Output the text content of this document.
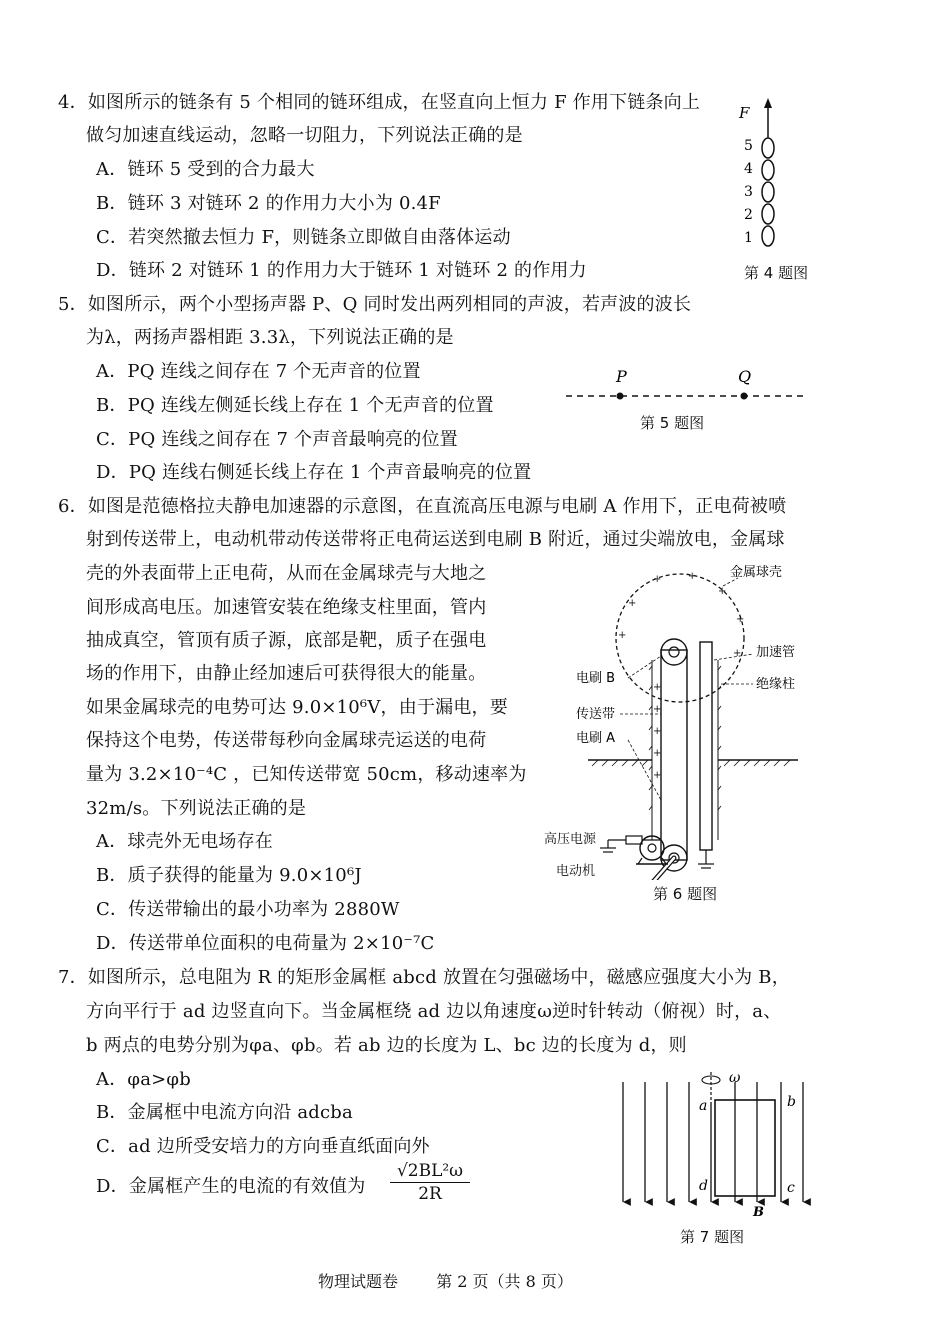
4．如图所示的链条有 5 个相同的链环组成，在竖直向上恒力 F 作用下链条向上
做匀加速直线运动，忽略一切阻力，下列说法正确的是
A．链环 5 受到的合力最大
B．链环 3 对链环 2 的作用力大小为 0.4F
C．若突然撤去恒力 F，则链条立即做自由落体运动
D．链环 2 对链环 1 的作用力大于链环 1 对链环 2 的作用力
F
5
4
3
2
1
第 4 题图
5．如图所示，两个小型扬声器 P、Q 同时发出两列相同的声波，若声波的波长
为λ，两扬声器相距 3.3λ，下列说法正确的是
A．PQ 连线之间存在 7 个无声音的位置
B．PQ 连线左侧延长线上存在 1 个无声音的位置
C．PQ 连线之间存在 7 个声音最响亮的位置
D．PQ 连线右侧延长线上存在 1 个声音最响亮的位置
P	Q
第 5 题图
6．如图是范德格拉夫静电加速器的示意图，在直流高压电源与电刷 A 作用下，正电荷被喷
射到传送带上，电动机带动传送带将正电荷运送到电刷 B 附近，通过尖端放电，金属球
壳的外表面带上正电荷，从而在金属球壳与大地之
间形成高电压。加速管安装在绝缘支柱里面，管内
抽成真空，管顶有质子源，底部是靶，质子在强电
场的作用下，由静止经加速后可获得很大的能量。
如果金属球壳的电势可达 9.0×10⁶V，由于漏电，要
保持这个电势，传送带每秒向金属球壳运送的电荷
量为 3.2×10⁻⁴C ，已知传送带宽 50cm，移动速率为
32m/s。下列说法正确的是
A．球壳外无电场存在
B．质子获得的能量为 9.0×10⁶J
C．传送带输出的最小功率为 2880W
D．传送带单位面积的电荷量为 2×10⁻⁷C
+
+	+
+
+
+
+
金属球壳
+
+
+
+
+
加速管
电刷 B	绝缘柱
传送带
电刷 A
高压电源
电动机
第 6 题图
7．如图所示，总电阻为 R 的矩形金属框 abcd 放置在匀强磁场中，磁感应强度大小为 B，
方向平行于 ad 边竖直向下。当金属框绕 ad 边以角速度ω逆时针转动（俯视）时，a、
b 两点的电势分别为φa、φb。若 ab 边的长度为 L、bc 边的长度为 d，则
A．φa>φb
B．金属框中电流方向沿 adcba
C．ad 边所受安培力的方向垂直纸面向外
D．金属框产生的电流的有效值为 $\frac{\text{√2BL²ω}}{2R}$
ω
a	b
c
d
B
第 7 题图
物理试题卷 第 2 页（共 8 页）
